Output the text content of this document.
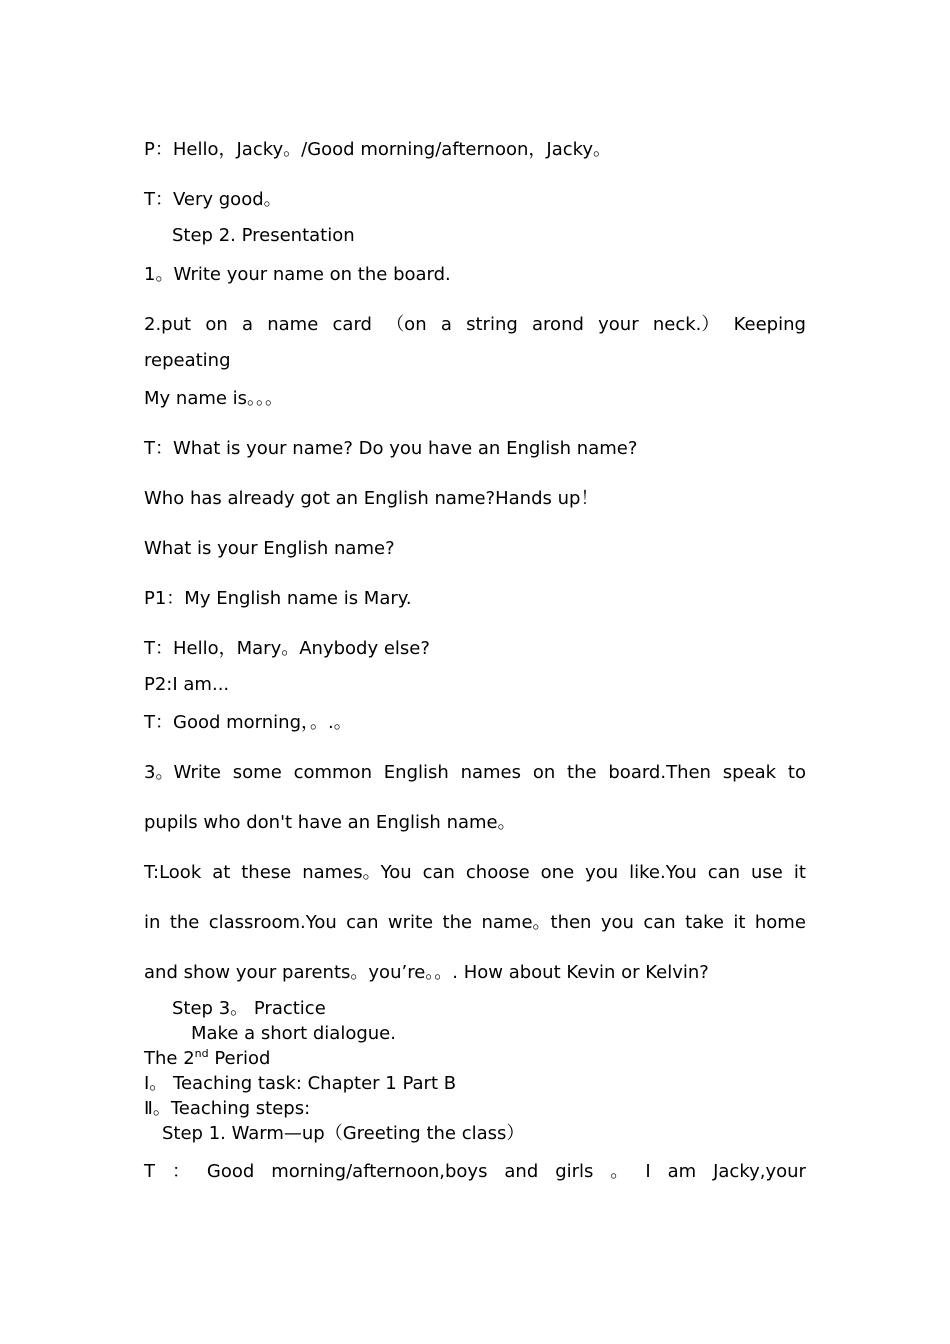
P：Hello，Jacky。/Good morning/afternoon，Jacky。

T：Very good。

Step 2. Presentation

1。Write your name on the board.

2.put on a name card （on a string arond your neck.） Keeping

repeating

My name is。。。

T：What is your name? Do you have an English name?

Who has already got an English name?Hands up！

What is your English name?

P1：My English name is Mary.

T：Hello，Mary。Anybody else?

P2:I am...

T：Good morning，。.。

3。Write some common English names on the board.Then speak to

pupils who don't have an English name。

T:Look at these names。You can choose one you like.You can use it
in the classroom.You can write the name。then you can take it home

and show your parents。you’re。。. How about Kevin or Kelvin?

Step 3。 Practice

Make a short dialogue.

The 2nd Period

Ⅰ。 Teaching task: Chapter 1 Part B

Ⅱ。Teaching steps:

Step 1. Warm—up（Greeting the class）

T ： Good morning/afternoon,boys and girls 。 I am Jacky,your
